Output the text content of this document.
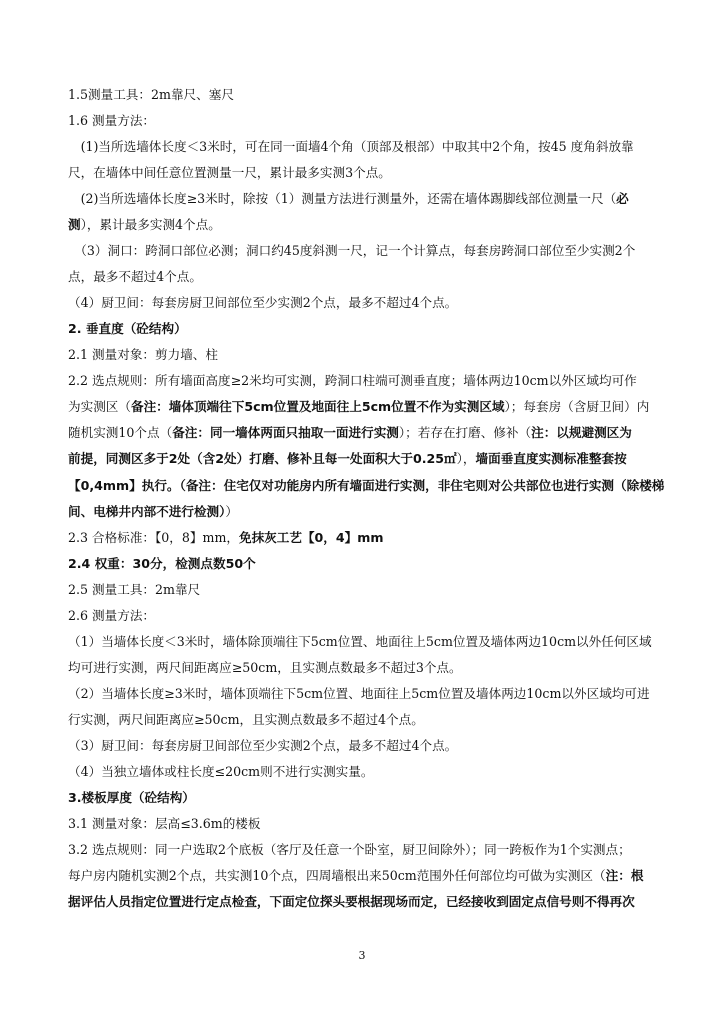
1.5测量工具：2m靠尺、塞尺
1.6 测量方法：
　(1)当所选墙体长度＜3米时，可在同一面墙4个角（顶部及根部）中取其中2个角，按45 度角斜放靠
尺，在墙体中间任意位置测量一尺，累计最多实测3个点。
　(2)当所选墙体长度≥3米时，除按（1）测量方法进行测量外，还需在墙体踢脚线部位测量一尺（必
测），累计最多实测4个点。
　（3）洞口：跨洞口部位必测；洞口约45度斜测一尺，记一个计算点，每套房跨洞口部位至少实测2个
点，最多不超过4个点。
（4）厨卫间：每套房厨卫间部位至少实测2个点，最多不超过4个点。
2. 垂直度（砼结构）
2.1 测量对象：剪力墙、柱
2.2 选点规则：所有墙面高度≥2米均可实测，跨洞口柱端可测垂直度；墙体两边10cm以外区域均可作
为实测区（备注：墙体顶端往下5cm位置及地面往上5cm位置不作为实测区域）；每套房（含厨卫间）内
随机实测10个点（备注：同一墙体两面只抽取一面进行实测）；若存在打磨、修补（注：以规避测区为
前提，同测区多于2处（含2处）打磨、修补且每一处面积大于0.25㎡），墙面垂直度实测标准整套按
【0,4mm】执行。（备注：住宅仅对功能房内所有墙面进行实测，非住宅则对公共部位也进行实测（除楼梯
间、电梯井内部不进行检测））
2.3 合格标准：【0，8】mm，免抹灰工艺【0，4】mm
2.4 权重：30分，检测点数50个
2.5 测量工具：2m靠尺
2.6 测量方法：
（1）当墙体长度＜3米时，墙体除顶端往下5cm位置、地面往上5cm位置及墙体两边10cm以外任何区域
均可进行实测，两尺间距离应≥50cm，且实测点数最多不超过3个点。
（2）当墙体长度≥3米时，墙体顶端往下5cm位置、地面往上5cm位置及墙体两边10cm以外区域均可进
行实测，两尺间距离应≥50cm，且实测点数最多不超过4个点。
（3）厨卫间：每套房厨卫间部位至少实测2个点，最多不超过4个点。
（4）当独立墙体或柱长度≤20cm则不进行实测实量。
3.楼板厚度（砼结构）
3.1 测量对象：层高≤3.6m的楼板
3.2 选点规则：同一户选取2个底板（客厅及任意一个卧室，厨卫间除外）；同一跨板作为1个实测点；
每户房内随机实测2个点，共实测10个点，四周墙根出来50cm范围外任何部位均可做为实测区（注：根
据评估人员指定位置进行定点检查，下面定位探头要根据现场而定，已经接收到固定点信号则不得再次
3
